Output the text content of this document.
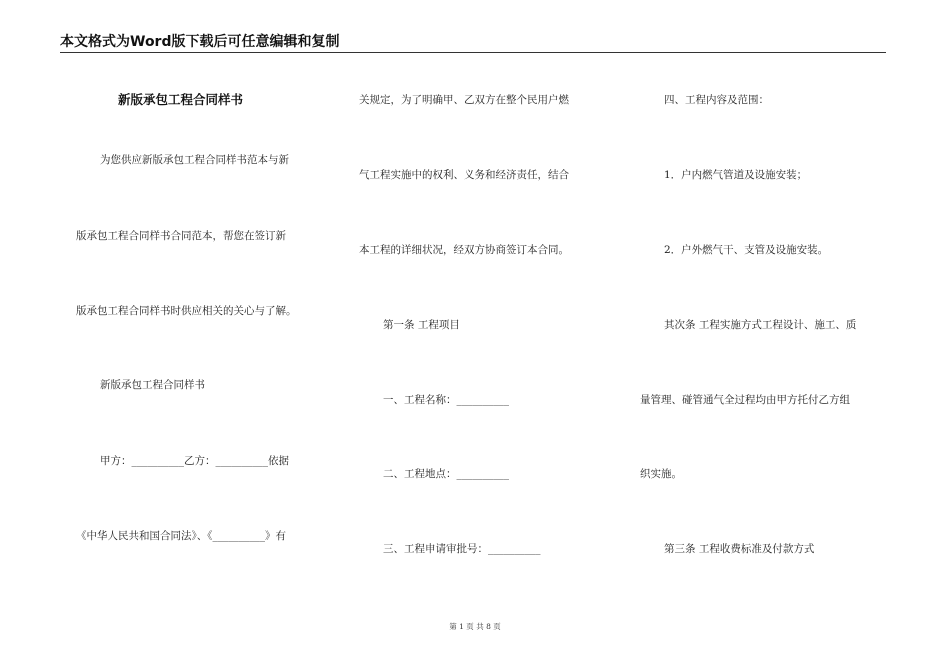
本文格式为Word版下载后可任意编辑和复制
新版承包工程合同样书
为您供应新版承包工程合同样书范本与新
版承包工程合同样书合同范本，帮您在签订新
版承包工程合同样书时供应相关的关心与了解。
新版承包工程合同样书
甲方：__________乙方：__________依据
《中华人民共和国合同法》、《__________》有
关规定，为了明确甲、乙双方在整个民用户燃
气工程实施中的权利、义务和经济责任，结合
本工程的详细状况，经双方协商签订本合同。
第一条 工程项目
一、工程名称：__________
二、工程地点：__________
三、工程申请审批号：__________
四、工程内容及范围：
1．户内燃气管道及设施安装；
2．户外燃气干、支管及设施安装。
其次条 工程实施方式工程设计、施工、质
量管理、碰管通气全过程均由甲方托付乙方组
织实施。
第三条 工程收费标准及付款方式
第 1 页 共 8 页
